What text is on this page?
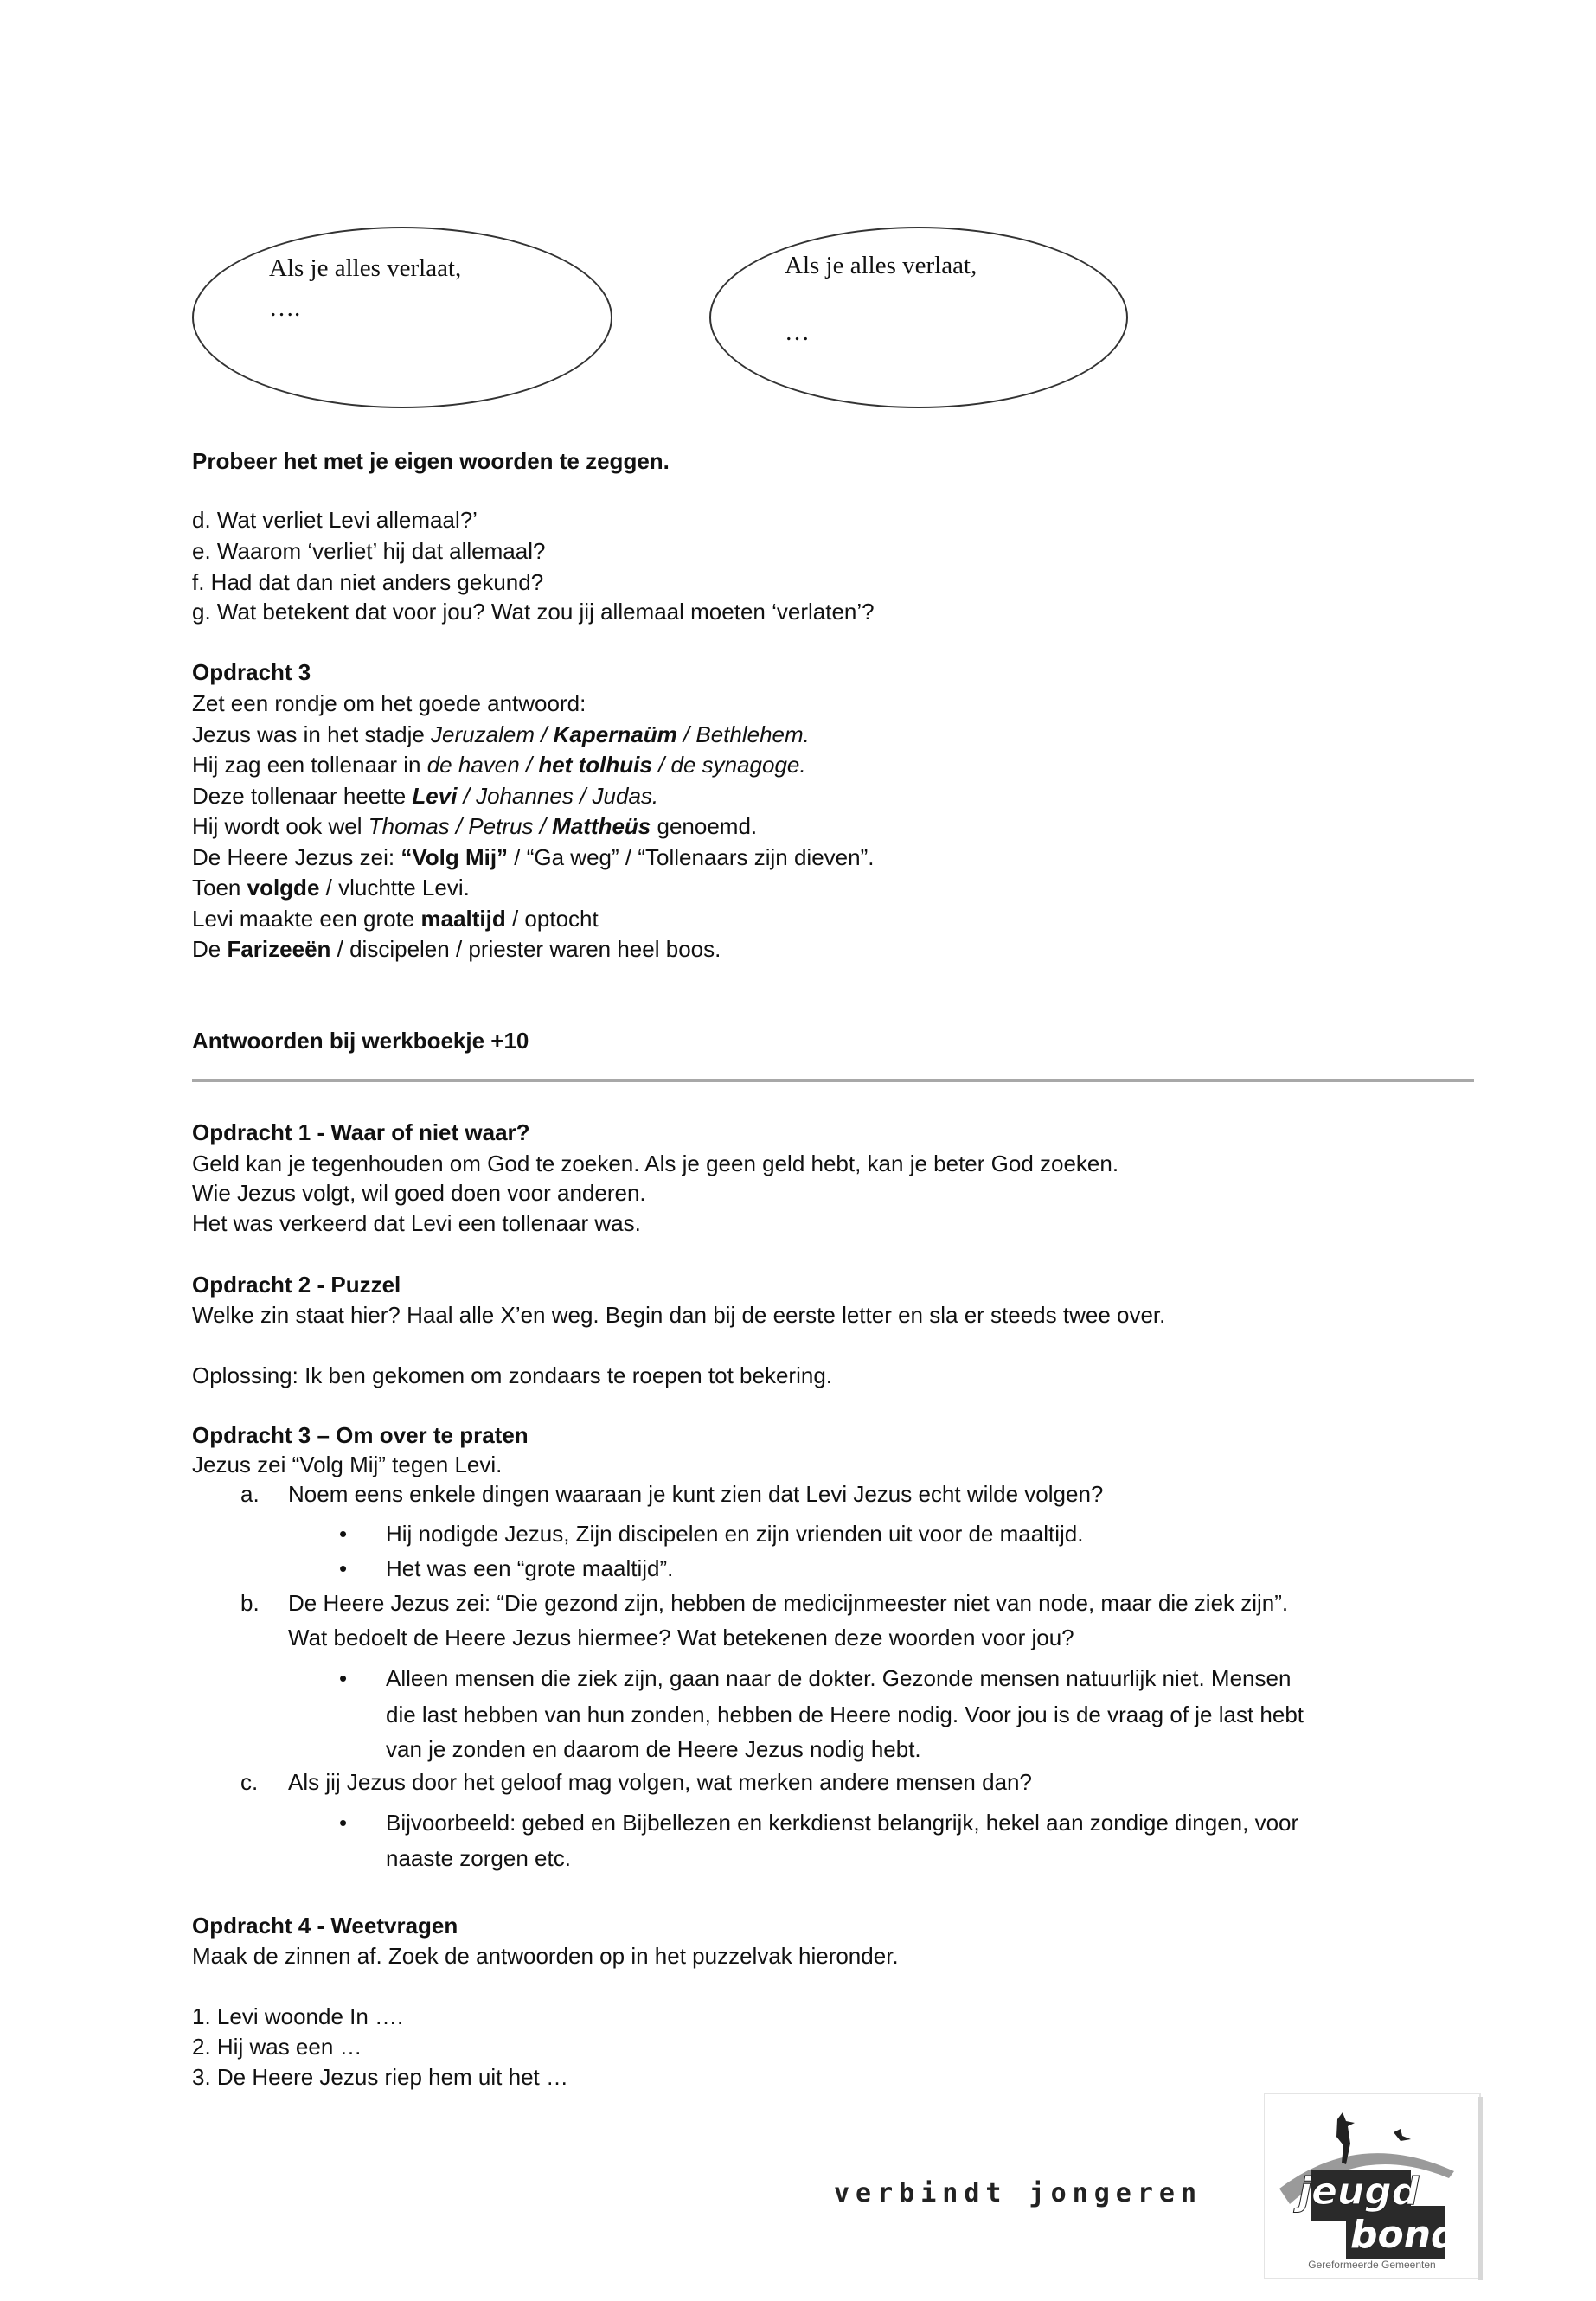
Als je alles verlaat,
….
Als je alles verlaat,
…
Probeer het met je eigen woorden te zeggen.
d. Wat verliet Levi allemaal?’
e. Waarom ‘verliet’ hij dat allemaal?
f. Had dat dan niet anders gekund?
g. Wat betekent dat voor jou? Wat zou jij allemaal moeten ‘verlaten’?
Opdracht 3
Zet een rondje om het goede antwoord:
Jezus was in het stadje Jeruzalem / Kapernaüm / Bethlehem.
Hij zag een tollenaar in de haven / het tolhuis / de synagoge.
Deze tollenaar heette Levi / Johannes / Judas.
Hij wordt ook wel Thomas / Petrus / Mattheüs genoemd.
De Heere Jezus zei: “Volg Mij” / “Ga weg” / “Tollenaars zijn dieven”.
Toen volgde / vluchtte Levi.
Levi maakte een grote maaltijd / optocht
De Farizeeën / discipelen / priester waren heel boos.
Antwoorden bij werkboekje +10
Opdracht 1 - Waar of niet waar?
Geld kan je tegenhouden om God te zoeken. Als je geen geld hebt, kan je beter God zoeken.
Wie Jezus volgt, wil goed doen voor anderen.
Het was verkeerd dat Levi een tollenaar was.
Opdracht 2 - Puzzel
Welke zin staat hier? Haal alle X’en weg. Begin dan bij de eerste letter en sla er steeds twee over.
Oplossing: Ik ben gekomen om zondaars te roepen tot bekering.
Opdracht 3 – Om over te praten
Jezus zei “Volg Mij” tegen Levi.
a. Noem eens enkele dingen waaraan je kunt zien dat Levi Jezus echt wilde volgen?
• Hij nodigde Jezus, Zijn discipelen en zijn vrienden uit voor de maaltijd.
• Het was een “grote maaltijd”.
b. De Heere Jezus zei: “Die gezond zijn, hebben de medicijnmeester niet van node, maar die ziek zijn”.
Wat bedoelt de Heere Jezus hiermee? Wat betekenen deze woorden voor jou?
• Alleen mensen die ziek zijn, gaan naar de dokter. Gezonde mensen natuurlijk niet. Mensen
die last hebben van hun zonden, hebben de Heere nodig. Voor jou is de vraag of je last hebt
van je zonden en daarom de Heere Jezus nodig hebt.
c. Als jij Jezus door het geloof mag volgen, wat merken andere mensen dan?
• Bijvoorbeeld: gebed en Bijbellezen en kerkdienst belangrijk, hekel aan zondige dingen, voor
naaste zorgen etc.
Opdracht 4 - Weetvragen
Maak de zinnen af. Zoek de antwoorden op in het puzzelvak hieronder.
1. Levi woonde In ….
2. Hij was een …
3. De Heere Jezus riep hem uit het …
verbindt jongeren	jeugd
bond
Gereformeerde Gemeenten
